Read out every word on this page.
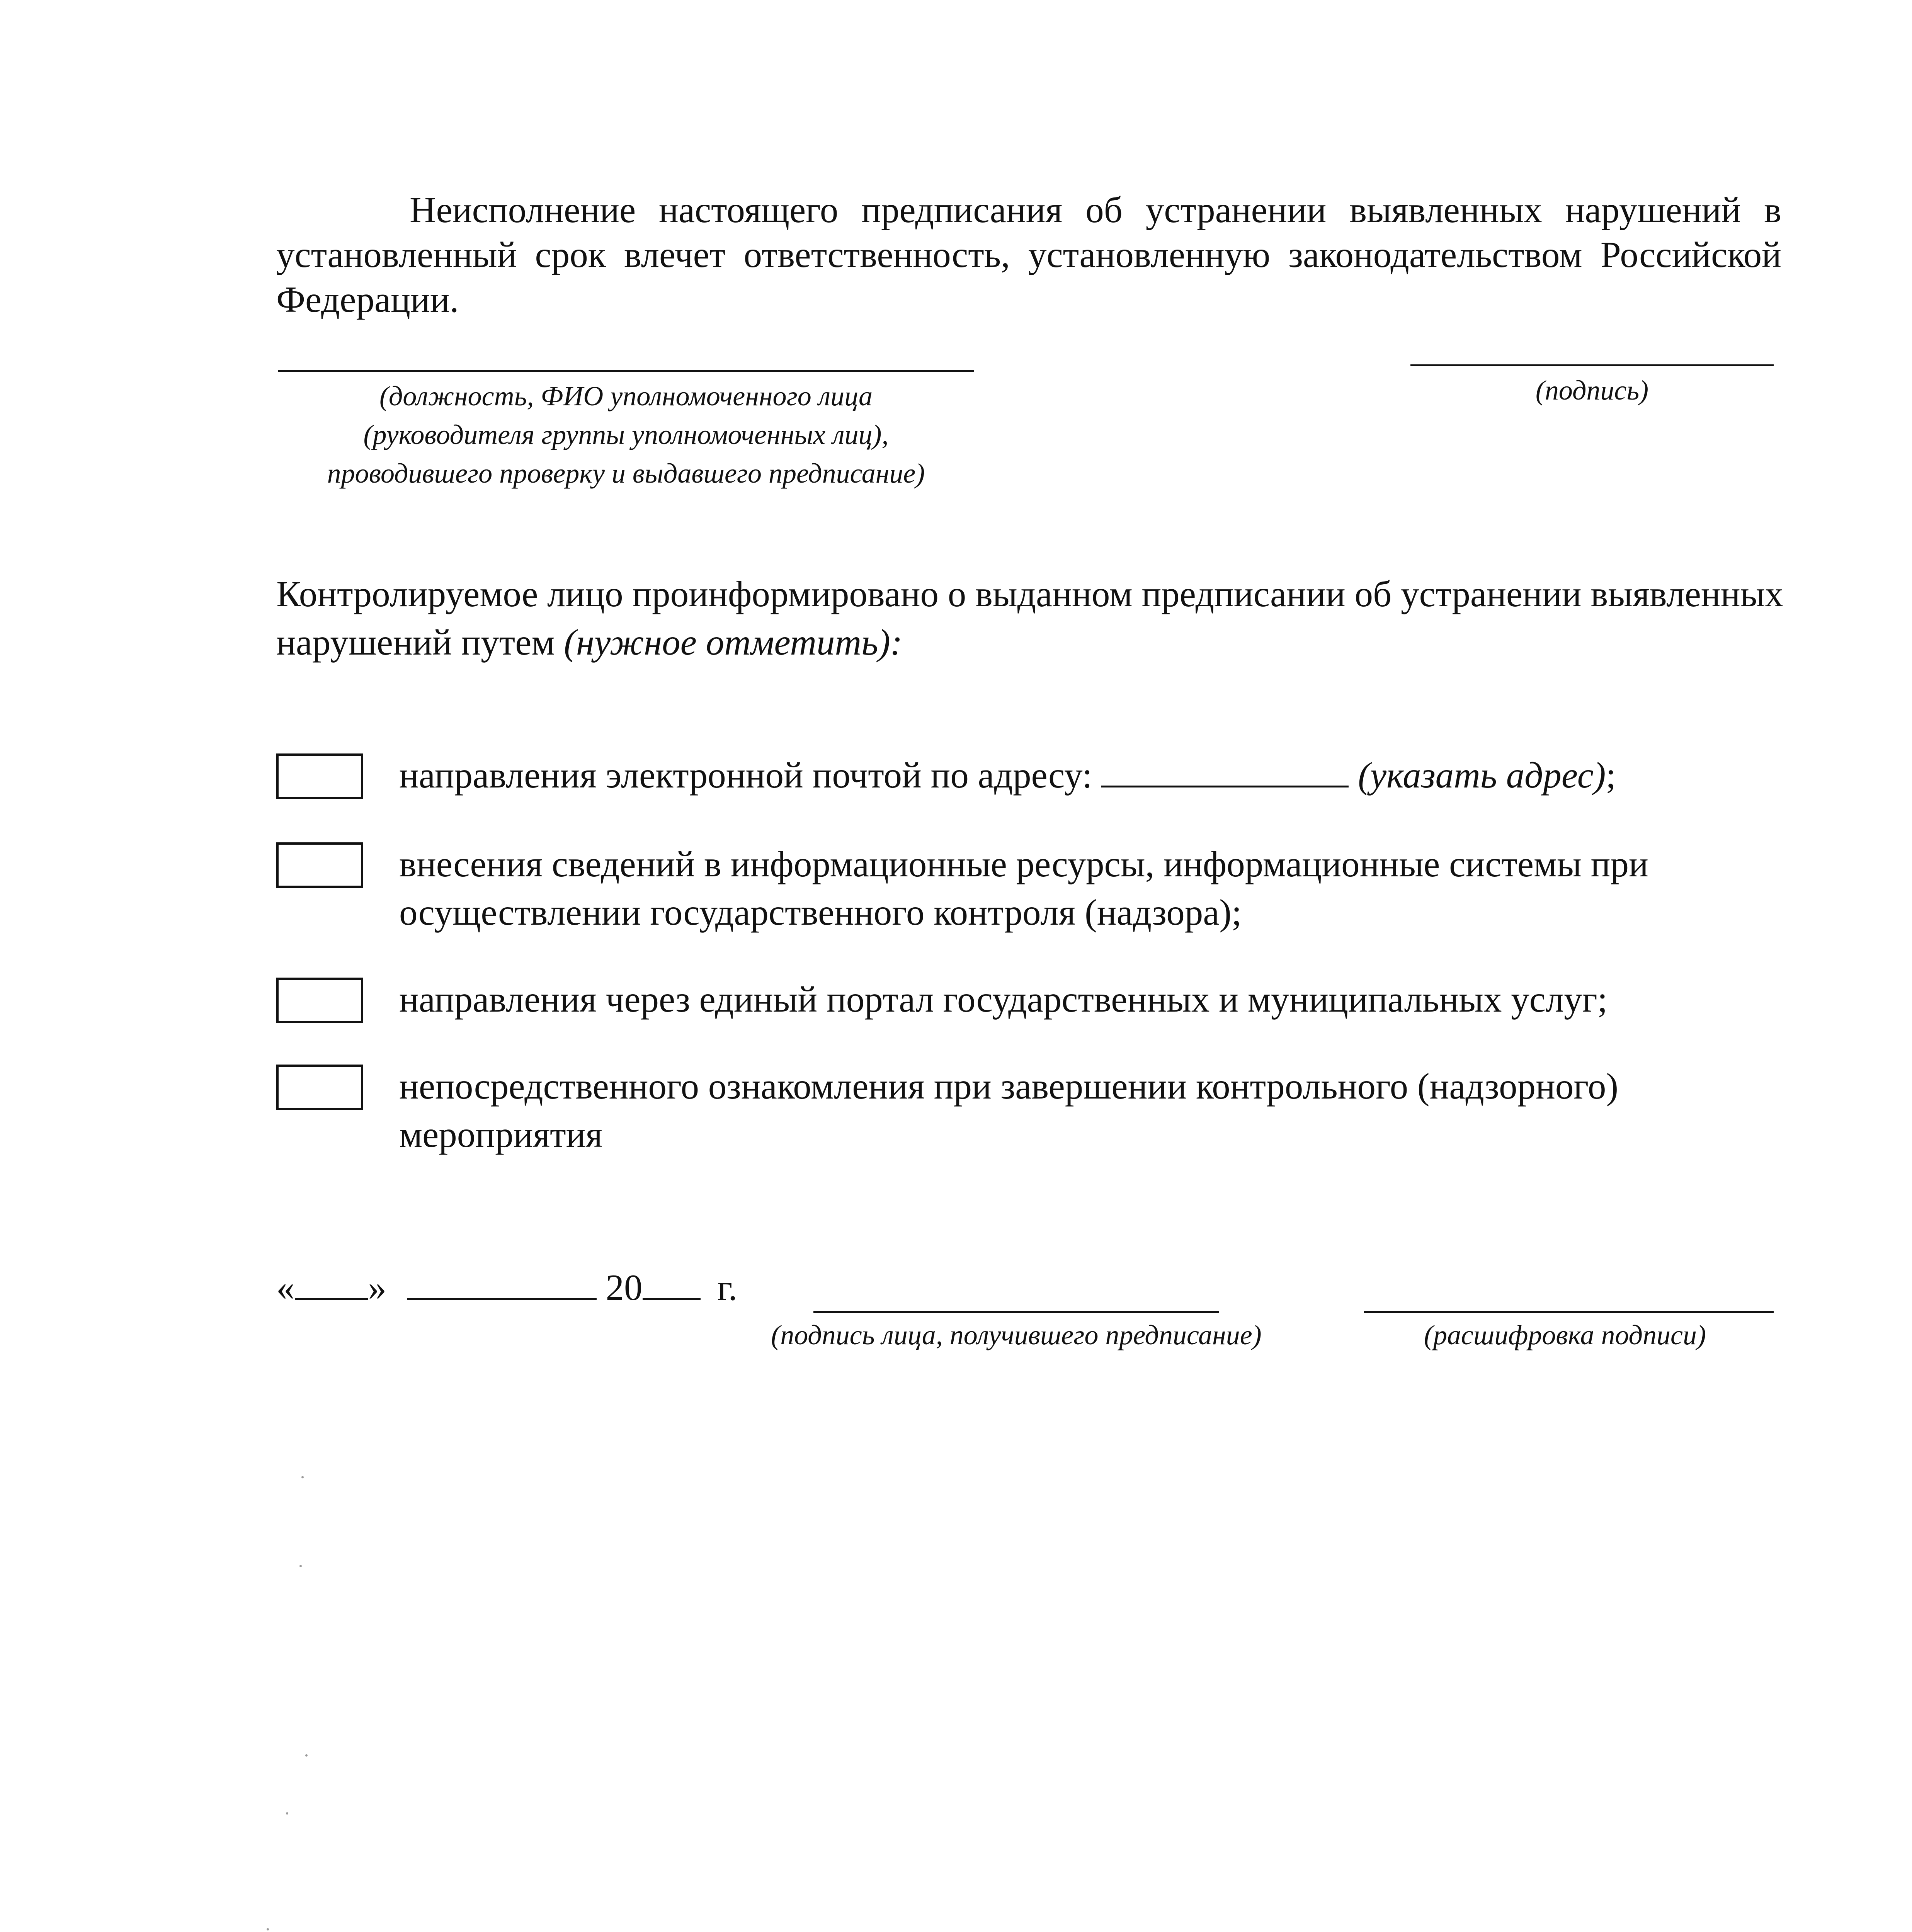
Неисполнение настоящего предписания об устранении выявленных нарушений в установленный срок влечет ответственность, установленную законодательством Российской Федерации.

(должность, ФИО уполномоченного лица
(руководителя группы уполномоченных лиц),
проводившего проверку и выдавшего предписание)
(подпись)

Контролируемое лицо проинформировано о выданном предписании об устранении выявленных нарушений путем (нужное отметить):

направления электронной почтой по адресу:	(указать адрес);
внесения сведений в информационные ресурсы, информационные системы при осуществлении государственного контроля (надзора);
направления через единый портал государственных и муниципальных услуг;
непосредственного ознакомления при завершении контрольного (надзорного) мероприятия
« »	20 г.
(подпись лица, получившего предписание)	(расшифровка подписи)
